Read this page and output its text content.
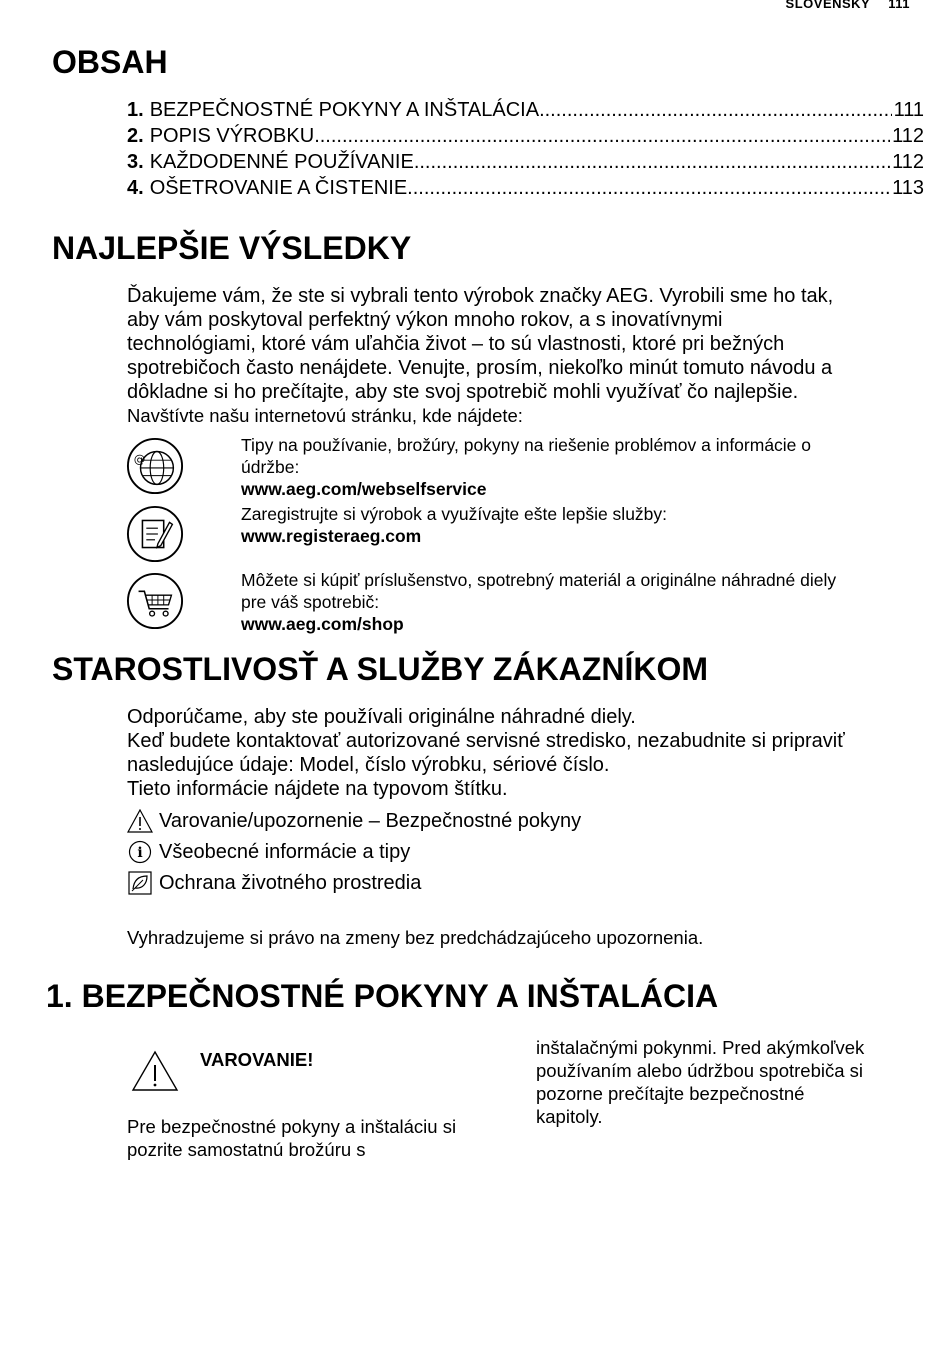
SLOVENSKY 111
OBSAH
1. BEZPEČNOSTNÉ POKYNY A INŠTALÁCIA .....	111
2. POPIS VÝROBKU .....	112
3. KAŽDODENNÉ POUŽÍVANIE .....	112
4. OŠETROVANIE A ČISTENIE .....	113
NAJLEPŠIE VÝSLEDKY
Ďakujeme vám, že ste si vybrali tento výrobok značky AEG. Vyrobili sme ho tak,
aby vám poskytoval perfektný výkon mnoho rokov, a s inovatívnymi
technológiami, ktoré vám uľahčia život – to sú vlastnosti, ktoré pri bežných
spotrebičoch často nenájdete. Venujte, prosím, niekoľko minút tomuto návodu a
dôkladne si ho prečítajte, aby ste svoj spotrebič mohli využívať čo najlepšie.
Navštívte našu internetovú stránku, kde nájdete:
@
Tipy na používanie, brožúry, pokyny na riešenie problémov a informácie o
údržbe:
www.aeg.com/webselfservice
Zaregistrujte si výrobok a využívajte ešte lepšie služby:
www.registeraeg.com
Môžete si kúpiť príslušenstvo, spotrebný materiál a originálne náhradné diely
pre váš spotrebič:
www.aeg.com/shop
STAROSTLIVOSŤ A SLUŽBY ZÁKAZNÍKOM
Odporúčame, aby ste používali originálne náhradné diely.
Keď budete kontaktovať autorizované servisné stredisko, nezabudnite si pripraviť
nasledujúce údaje: Model, číslo výrobku, sériové číslo.
Tieto informácie nájdete na typovom štítku.
Varovanie/upozornenie – Bezpečnostné pokyny
i Všeobecné informácie a tipy
Ochrana životného prostredia
Vyhradzujeme si právo na zmeny bez predchádzajúceho upozornenia.
1. BEZPEČNOSTNÉ POKYNY A INŠTALÁCIA
VAROVANIE!
Pre bezpečnostné pokyny a inštaláciu si
pozrite samostatnú brožúru s
inštalačnými pokynmi. Pred akýmkoľvek
používaním alebo údržbou spotrebiča si
pozorne prečítajte bezpečnostné
kapitoly.
